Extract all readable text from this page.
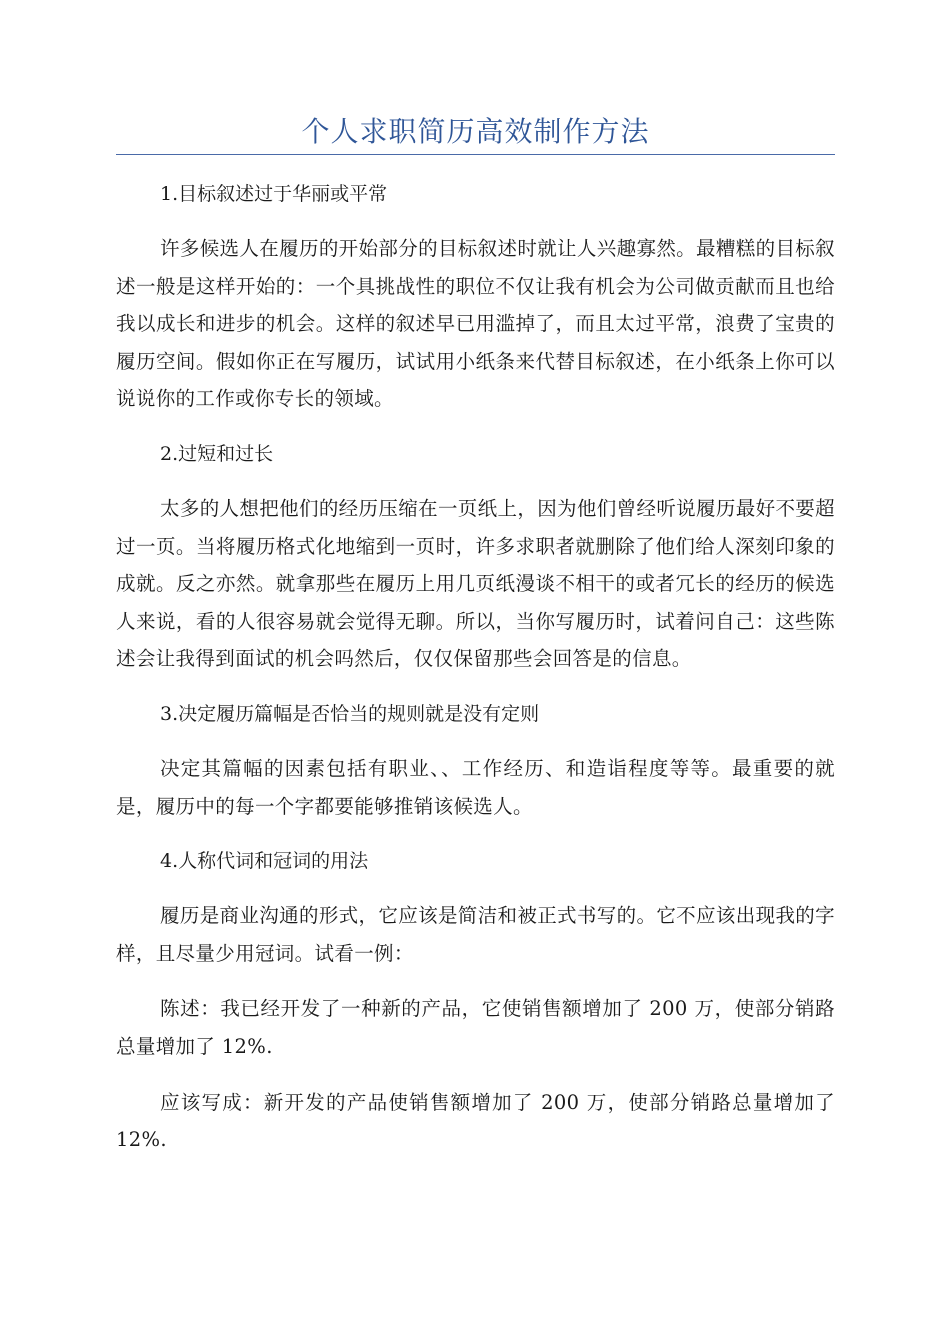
个人求职简历高效制作方法

1.目标叙述过于华丽或平常

许多候选人在履历的开始部分的目标叙述时就让人兴趣寡然。最糟糕的目标叙述一般是这样开始的：一个具挑战性的职位不仅让我有机会为公司做贡献而且也给我以成长和进步的机会。这样的叙述早已用滥掉了，而且太过平常，浪费了宝贵的履历空间。假如你正在写履历，试试用小纸条来代替目标叙述，在小纸条上你可以说说你的工作或你专长的领域。

2.过短和过长

太多的人想把他们的经历压缩在一页纸上，因为他们曾经听说履历最好不要超过一页。当将履历格式化地缩到一页时，许多求职者就删除了他们给人深刻印象的成就。反之亦然。就拿那些在履历上用几页纸漫谈不相干的或者冗长的经历的候选人来说，看的人很容易就会觉得无聊。所以，当你写履历时，试着问自己：这些陈述会让我得到面试的机会吗然后，仅仅保留那些会回答是的信息。

3.决定履历篇幅是否恰当的规则就是没有定则

决定其篇幅的因素包括有职业、、工作经历、和造诣程度等等。最重要的就是，履历中的每一个字都要能够推销该候选人。

4.人称代词和冠词的用法

履历是商业沟通的形式，它应该是简洁和被正式书写的。它不应该出现我的字样，且尽量少用冠词。试看一例：

陈述：我已经开发了一种新的产品，它使销售额增加了 200 万，使部分销路总量增加了 12%.

应该写成：新开发的产品使销售额增加了 200 万，使部分销路总量增加了 12%.
